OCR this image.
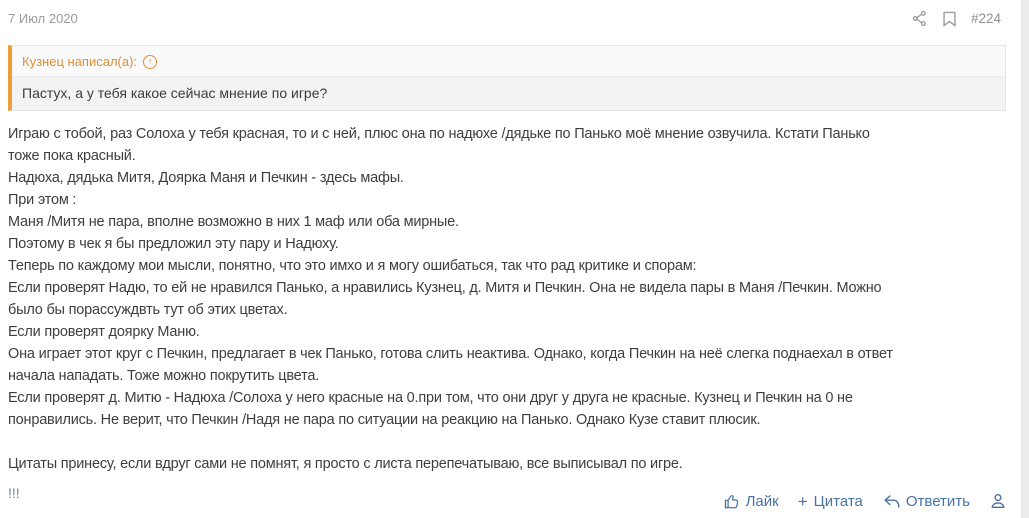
7 Июл 2020	#224
Кузнец написал(а):	↑
Пастух, а у тебя какое сейчас мнение по игре?
Играю с тобой, раз Солоха у тебя красная, то и с ней, плюс она по надюхе /дядьке по Панько моё мнение озвучила. Кстати Панько
тоже пока красный.
Надюха, дядька Митя, Доярка Маня и Печкин - здесь мафы.
При этом :
Маня /Митя не пара, вполне возможно в них 1 маф или оба мирные.
Поэтому в чек я бы предложил эту пару и Надюху.
Теперь по каждому мои мысли, понятно, что это имхо и я могу ошибаться, так что рад критике и спорам:
Если проверят Надю, то ей не нравился Панько, а нравились Кузнец, д. Митя и Печкин. Она не видела пары в Маня /Печкин. Можно
было бы порассуждвть тут об этих цветах.
Если проверят доярку Маню.
Она играет этот круг с Печкин, предлагает в чек Панько, готова слить неактива. Однако, когда Печкин на неё слегка поднаехал в ответ
начала нападать. Тоже можно покрутить цвета.
Если проверят д. Митю - Надюха /Солоха у него красные на 0.при том, что они друг у друга не красные. Кузнец и Печкин на 0 не
понравились. Не верит, что Печкин /Надя не пара по ситуации на реакцию на Панько. Однако Кузе ставит плюсик.
Цитаты принесу, если вдруг сами не помнят, я просто с листа перепечатываю, все выписывал по игре.
!!!	Лайк + Цитата	Ответить
